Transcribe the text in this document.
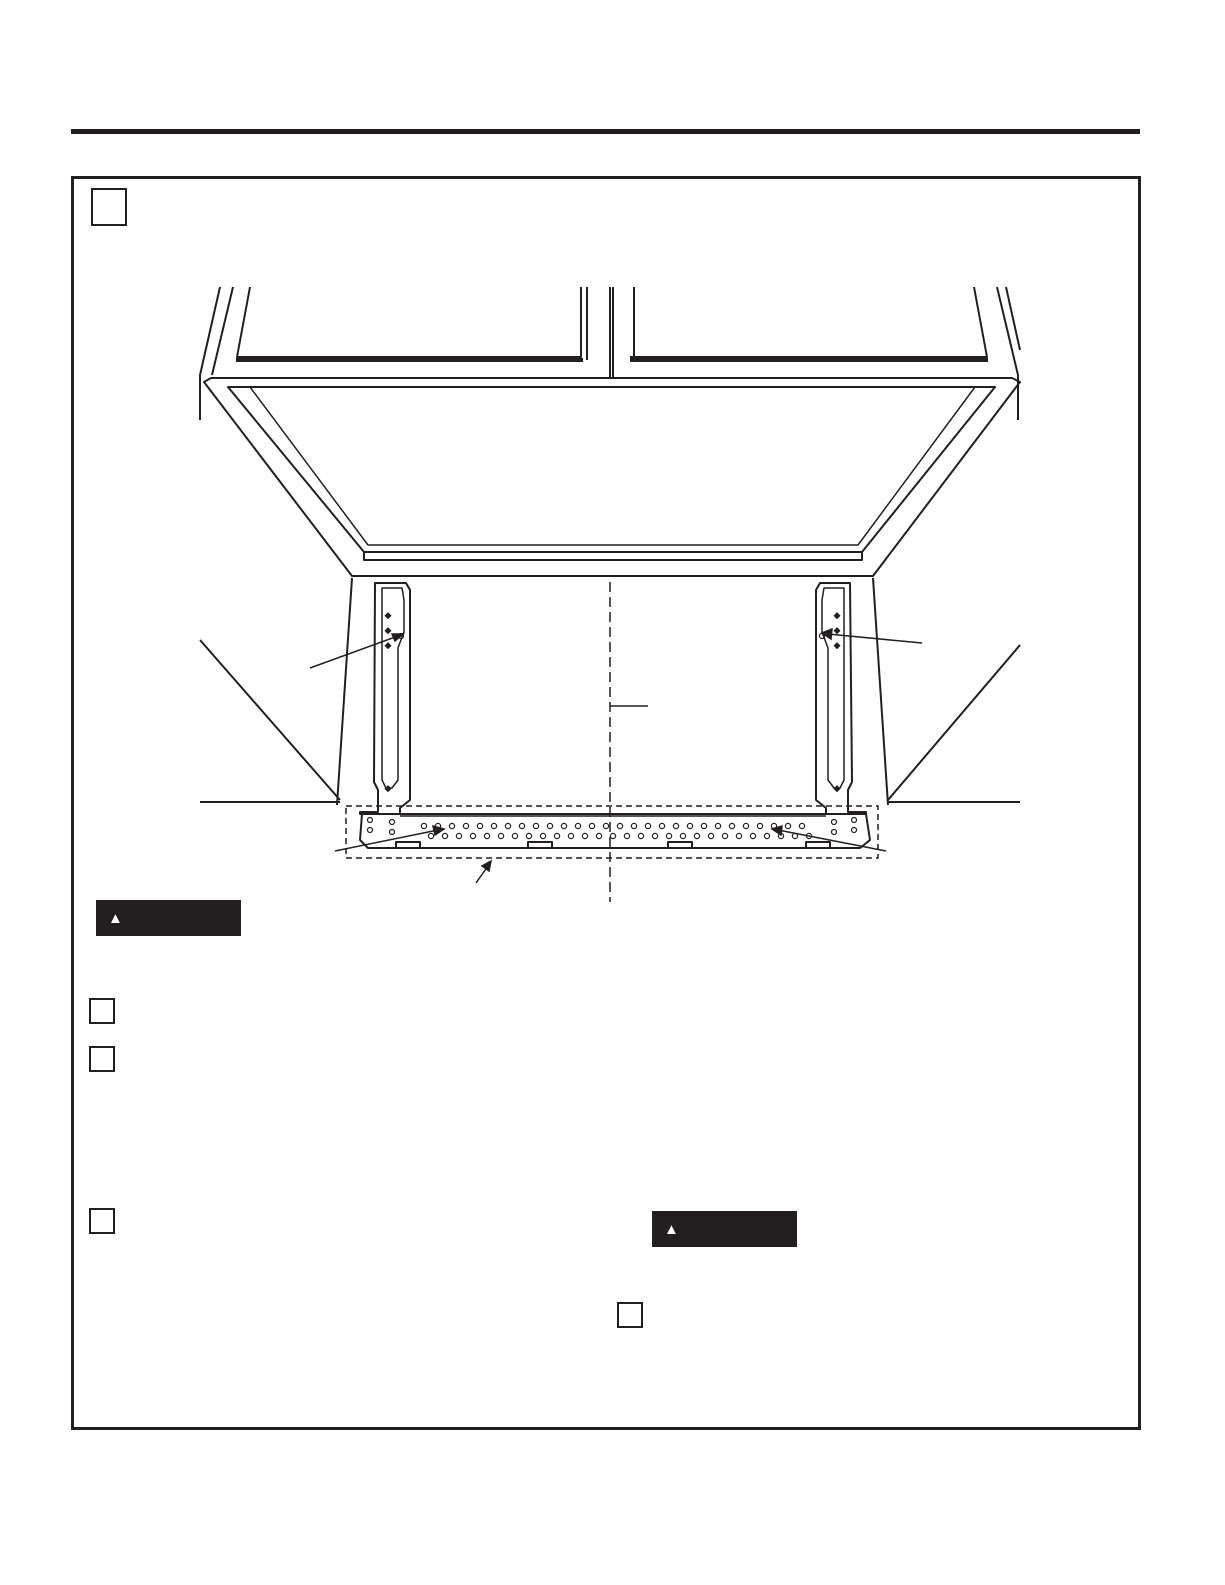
▲
▲
